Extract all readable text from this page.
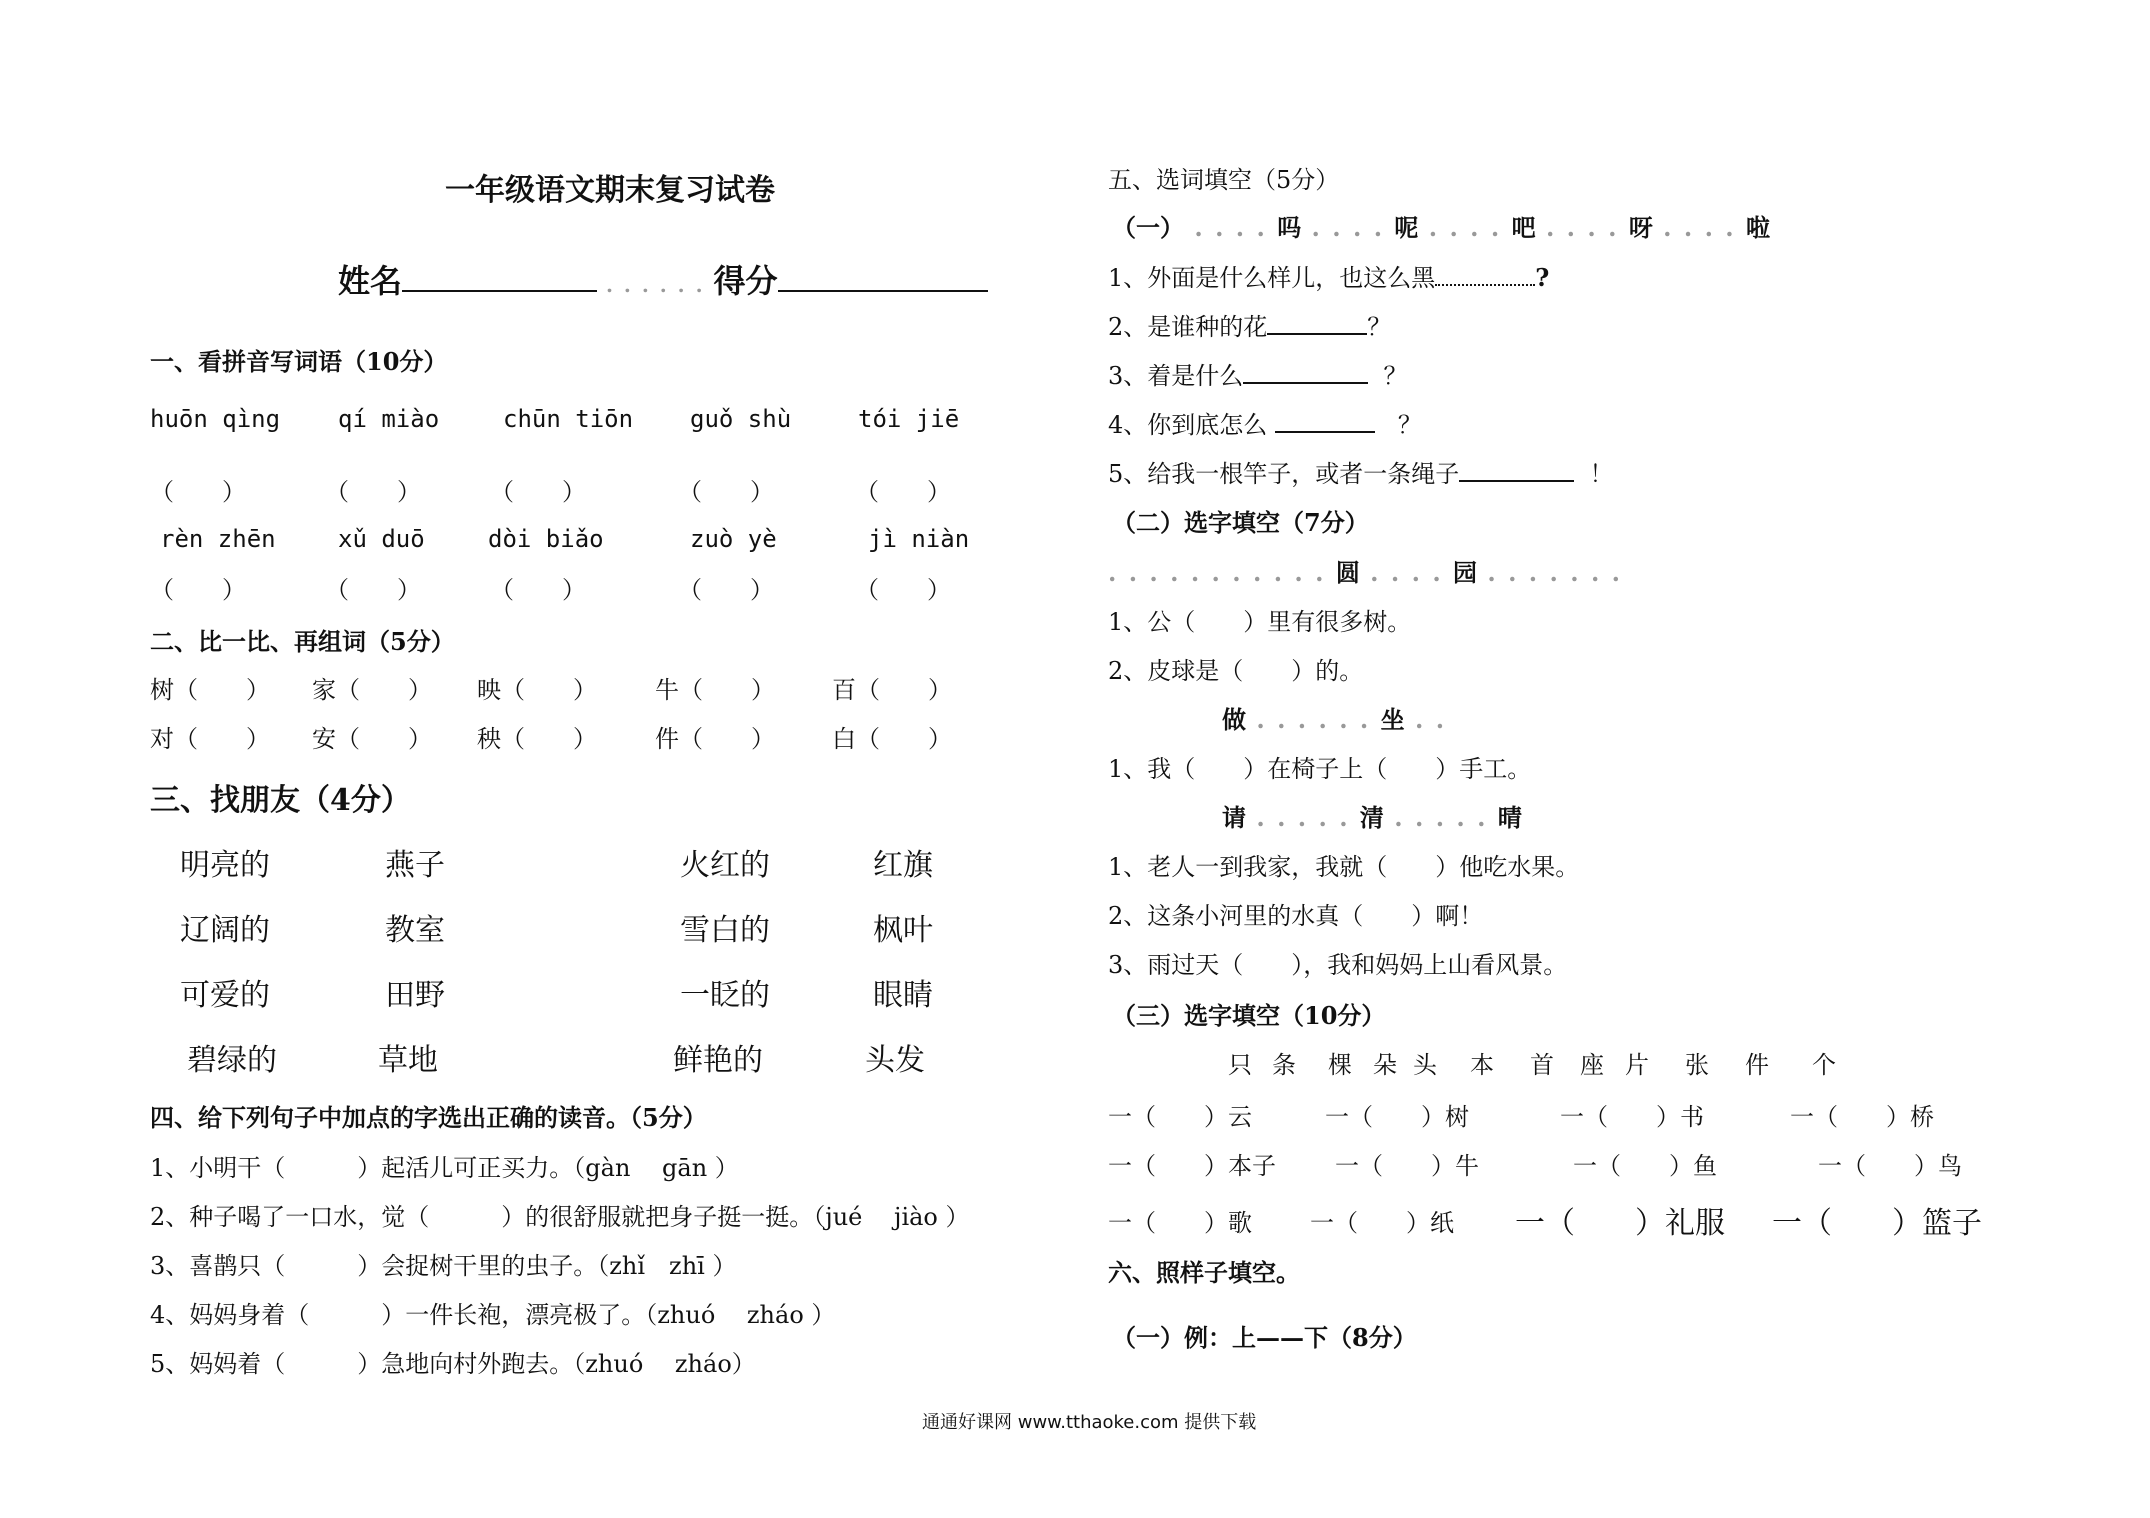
一年级语文期末复习试卷
姓名	. . . . . . 得分
一、看拼音写词语（10分）
huōn qìng qí miào	chūn tiōn guǒ shù	tói jiē
（　　）	（　　）	（　　）	（　　）	（　　）
rèn zhēn	xǔ duō	dòi biǎo	zuò yè	jì niàn
（　　）	（　　）	（　　）	（　　）	（　　）
二、比一比、再组词（5分）
树（　　） 家（　　） 映（　　） 牛（　　） 百（　　）
对（　　） 安（　　） 秧（　　） 件（　　） 白（　　）
三、找朋友（4分）
明亮的	燕子	火红的	红旗
辽阔的	教室	雪白的	枫叶
可爱的	田野	一眨的	眼睛
碧绿的	草地	鲜艳的	头发
四、给下列句子中加点的字选出正确的读音。（5分）
1、小明干（　　　）起活儿可正买力。（gàn　 gān ）
2、种子喝了一口水，觉（　　　）的很舒服就把身子挺一挺。（jué　 jiào ）
3、喜鹊只（　　　）会捉树干里的虫子。（zhǐ　zhī ）
4、妈妈身着（　　　）一件长袍，漂亮极了。（zhuó　 zháo ）
5、妈妈着（　　　）急地向村外跑去。（zhuó　 zháo）
五、选词填空（5分）
（一） . . . . 吗 . . . . 呢 . . . . 吧 . . . . 呀 . . . . 啦
1、外面是什么样儿，也这么黑	?
2、是谁种的花	？
3、着是什么	？
4、你到底怎么	？
5、给我一根竿子，或者一条绳子	！
（二）选字填空（7分）
. . . . . . . . . . . 圆 . . . . 园 . . . . . . .
1、公（　　）里有很多树。
2、皮球是（　　）的。
做 . . . . . . 坐 . .
1、我（　　）在椅子上（　　）手工。
请 . . . . . 清 . . . . . 晴
1、老人一到我家，我就（　　）他吃水果。
2、这条小河里的水真（　　）啊！
3、雨过天（　　），我和妈妈上山看风景。
（三）选字填空（10分）
只 条 棵 朵 头 本 首 座 片 张 件 个
一（　　）云	一（　　）树	一（　　）书	一（　　）桥
一（　　）本子 一（　　）牛	一（　　）鱼	一（　　）鸟
一（　　）歌 一（　　）纸 一（　　）礼服 一（　　）篮子
六、照样子填空。
（一）例：上——下（8分）
通通好课网 www.tthaoke.com 提供下载
